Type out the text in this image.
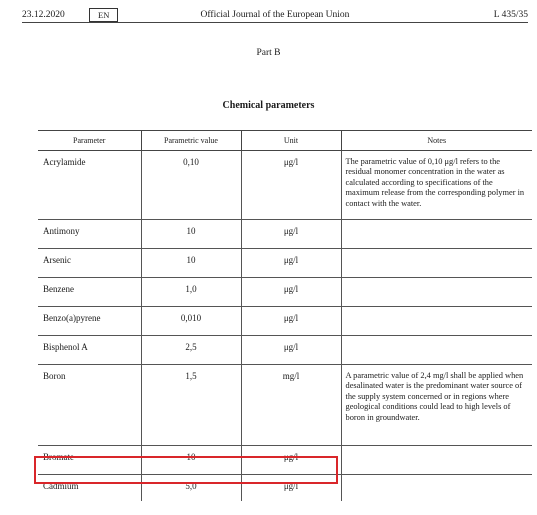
23.12.2020	EN	Official Journal of the European Union	L 435/35
Part B
Chemical parameters
Parameter	Parametric value	Unit	Notes
Acrylamide	0,10	μg/l	The parametric value of 0,10 μg/l refers to the residual monomer concentration in the water as calculated according to specifications of the maximum release from the corresponding polymer in contact with the water.
Antimony	10	μg/l	
Arsenic	10	μg/l	
Benzene	1,0	μg/l	
Benzo(a)pyrene	0,010	μg/l	
Bisphenol A	2,5	μg/l	
Boron	1,5	mg/l	A parametric value of 2,4 mg/l shall be applied when desalinated water is the predominant water source of the supply system concerned or in regions where geological conditions could lead to high levels of boron in groundwater.
Bromate	10	μg/l	
Cadmium	5,0	μg/l	
